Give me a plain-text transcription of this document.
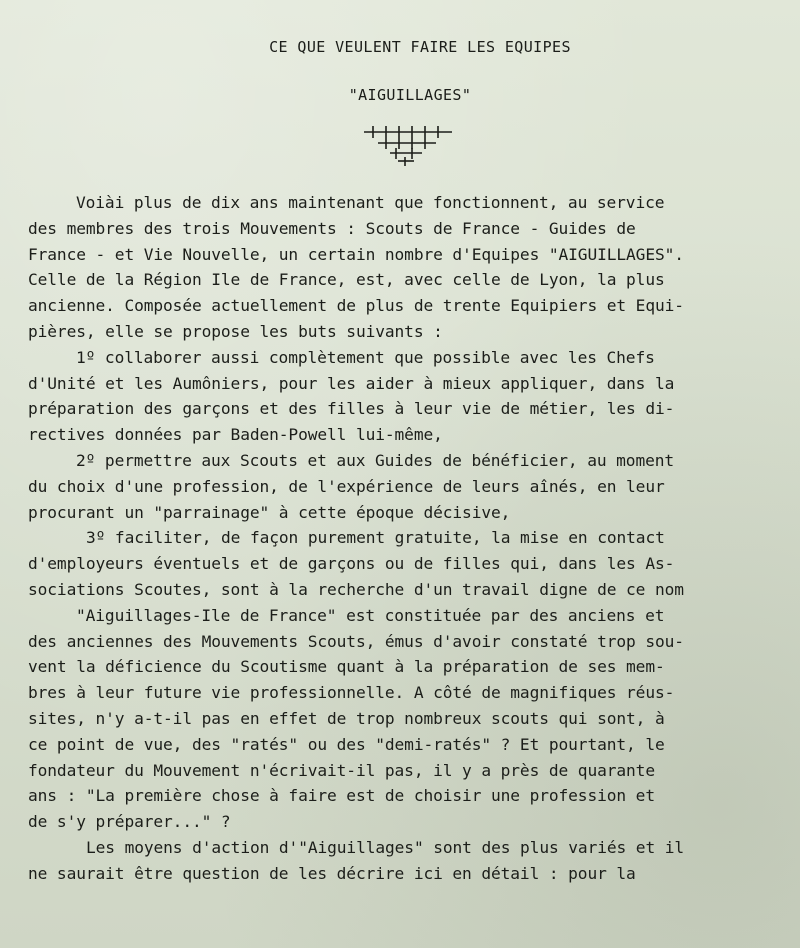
CE QUE VEULENT FAIRE LES EQUIPES
"AIGUILLAGES"
Voiài plus de dix ans maintenant que fonctionnent, au service
des membres des trois Mouvements : Scouts de France - Guides de
France - et Vie Nouvelle, un certain nombre d'Equipes "AIGUILLAGES".
Celle de la Région Ile de France, est, avec celle de Lyon, la plus
ancienne. Composée actuellement de plus de trente Equipiers et Equi-
pières, elle se propose les buts suivants :
1º collaborer aussi complètement que possible avec les Chefs
d'Unité et les Aumôniers, pour les aider à mieux appliquer, dans la
préparation des garçons et des filles à leur vie de métier, les di-
rectives données par Baden-Powell lui-même,
2º permettre aux Scouts et aux Guides de bénéficier, au moment
du choix d'une profession, de l'expérience de leurs aînés, en leur
procurant un "parrainage" à cette époque décisive,
3º faciliter, de façon purement gratuite, la mise en contact
d'employeurs éventuels et de garçons ou de filles qui, dans les As-
sociations Scoutes, sont à la recherche d'un travail digne de ce nom
"Aiguillages-Ile de France" est constituée par des anciens et
des anciennes des Mouvements Scouts, émus d'avoir constaté trop sou-
vent la déficience du Scoutisme quant à la préparation de ses mem-
bres à leur future vie professionnelle. A côté de magnifiques réus-
sites, n'y a-t-il pas en effet de trop nombreux scouts qui sont, à
ce point de vue, des "ratés" ou des "demi-ratés" ? Et pourtant, le
fondateur du Mouvement n'écrivait-il pas, il y a près de quarante
ans : "La première chose à faire est de choisir une profession et
de s'y préparer..." ?
Les moyens d'action d'"Aiguillages" sont des plus variés et il
ne saurait être question de les décrire ici en détail : pour la
